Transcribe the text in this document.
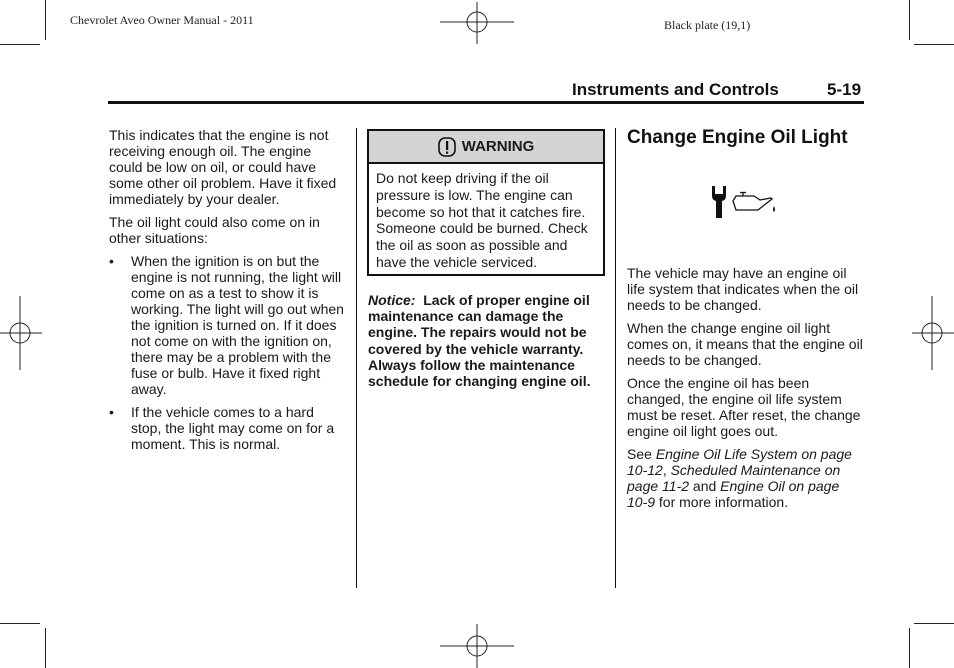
Chevrolet Aveo Owner Manual - 2011	Black plate (19,1)
Instruments and Controls	5-19

This indicates that the engine is not receiving enough oil. The engine could be low on oil, or could have some other oil problem. Have it fixed immediately by your dealer.

The oil light could also come on in other situations:

• When the ignition is on but the engine is not running, the light will come on as a test to show it is working. The light will go out when the ignition is turned on. If it does not come on with the ignition on, there may be a problem with the fuse or bulb. Have it fixed right away.
• If the vehicle comes to a hard stop, the light may come on for a moment. This is normal.
WARNING
Do not keep driving if the oil pressure is low. The engine can become so hot that it catches fire. Someone could be burned. Check the oil as soon as possible and have the vehicle serviced.
Notice: Lack of proper engine oil maintenance can damage the engine. The repairs would not be covered by the vehicle warranty. Always follow the maintenance schedule for changing engine oil.
Change Engine Oil Light

The vehicle may have an engine oil life system that indicates when the oil needs to be changed.

When the change engine oil light comes on, it means that the engine oil needs to be changed.

Once the engine oil has been changed, the engine oil life system must be reset. After reset, the change engine oil light goes out.

See Engine Oil Life System on page 10-12, Scheduled Maintenance on page 11-2 and Engine Oil on page 10-9 for more information.
